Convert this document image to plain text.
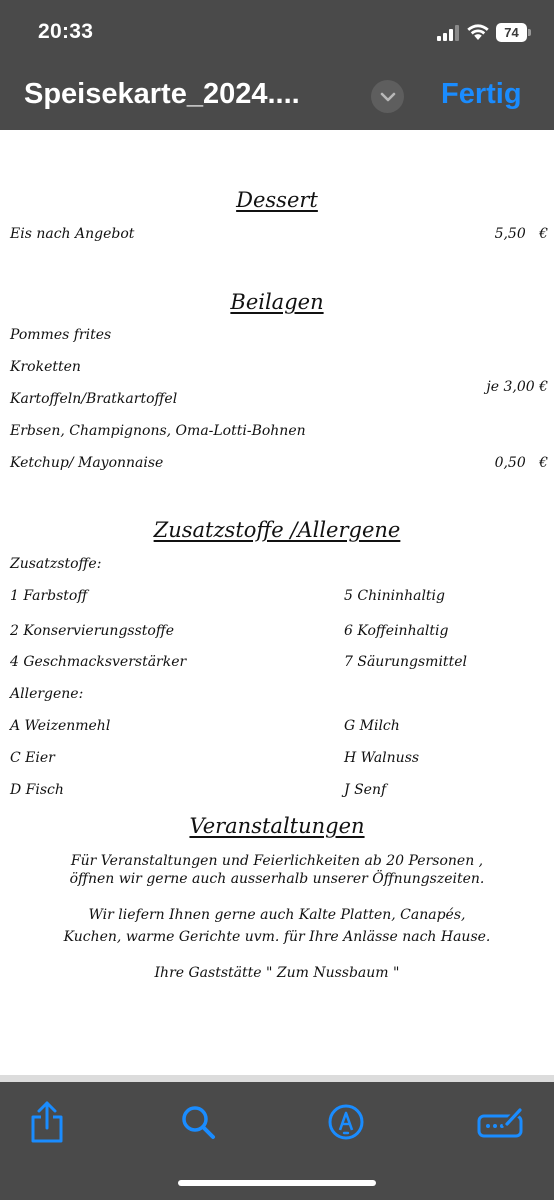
20:33	74
Speisekarte_2024....	Fertig
Dessert
Eis nach Angebot	5,50   €
Beilagen
Pommes frites
Kroketten
Kartoffeln/Bratkartoffel
je 3,00 €
Erbsen, Champignons, Oma-Lotti-Bohnen
Ketchup/ Mayonnaise	0,50   €
Zusatzstoffe /Allergene
Zusatzstoffe:
1 Farbstoff	5 Chininhaltig
2 Konservierungsstoffe	6 Koffeinhaltig
4 Geschmacksverstärker	7 Säurungsmittel
Allergene:
A Weizenmehl	G Milch
C Eier	H Walnuss
D Fisch	J Senf
Veranstaltungen
Für Veranstaltungen und Feierlichkeiten ab 20 Personen ,
öffnen wir gerne auch ausserhalb unserer Öffnungszeiten.
Wir liefern Ihnen gerne auch Kalte Platten, Canapés,
Kuchen, warme Gerichte uvm. für Ihre Anlässe nach Hause.
Ihre Gaststätte " Zum Nussbaum "
